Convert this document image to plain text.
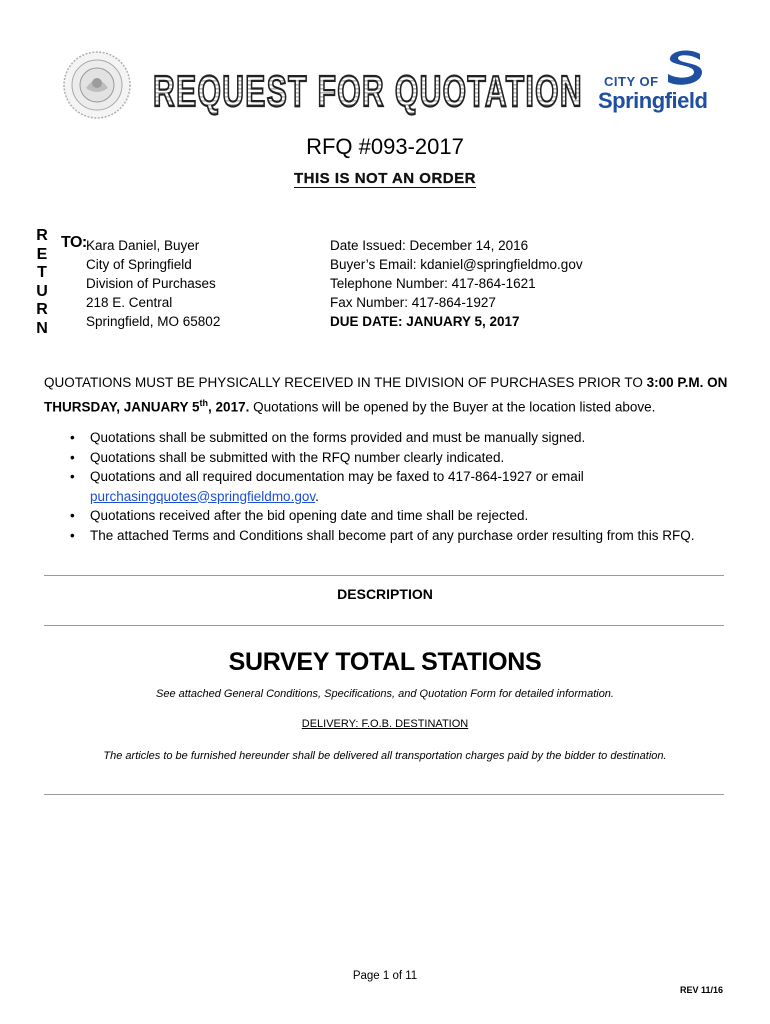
REQUEST FOR QUOTATION CITY OF
Springfield
RFQ #093-2017
THIS IS NOT AN ORDER
R
E
T
U
R
N
TO: Kara Daniel, Buyer
City of Springfield
Division of Purchases
218 E. Central
Springfield, MO 65802
Date Issued: December 14, 2016
Buyer’s Email: kdaniel@springfieldmo.gov
Telephone Number: 417-864-1621
Fax Number: 417-864-1927
DUE DATE: JANUARY 5, 2017
QUOTATIONS MUST BE PHYSICALLY RECEIVED IN THE DIVISION OF PURCHASES PRIOR TO 3:00 P.M. ON THURSDAY, JANUARY 5th, 2017. Quotations will be opened by the Buyer at the location listed above.
• Quotations shall be submitted on the forms provided and must be manually signed.
• Quotations shall be submitted with the RFQ number clearly indicated.
• Quotations and all required documentation may be faxed to 417-864-1927 or email
purchasingquotes@springfieldmo.gov.
• Quotations received after the bid opening date and time shall be rejected.
• The attached Terms and Conditions shall become part of any purchase order resulting from this RFQ.
DESCRIPTION
SURVEY TOTAL STATIONS
See attached General Conditions, Specifications, and Quotation Form for detailed information.
DELIVERY: F.O.B. DESTINATION
The articles to be furnished hereunder shall be delivered all transportation charges paid by the bidder to destination.
Page 1 of 11
REV 11/16
